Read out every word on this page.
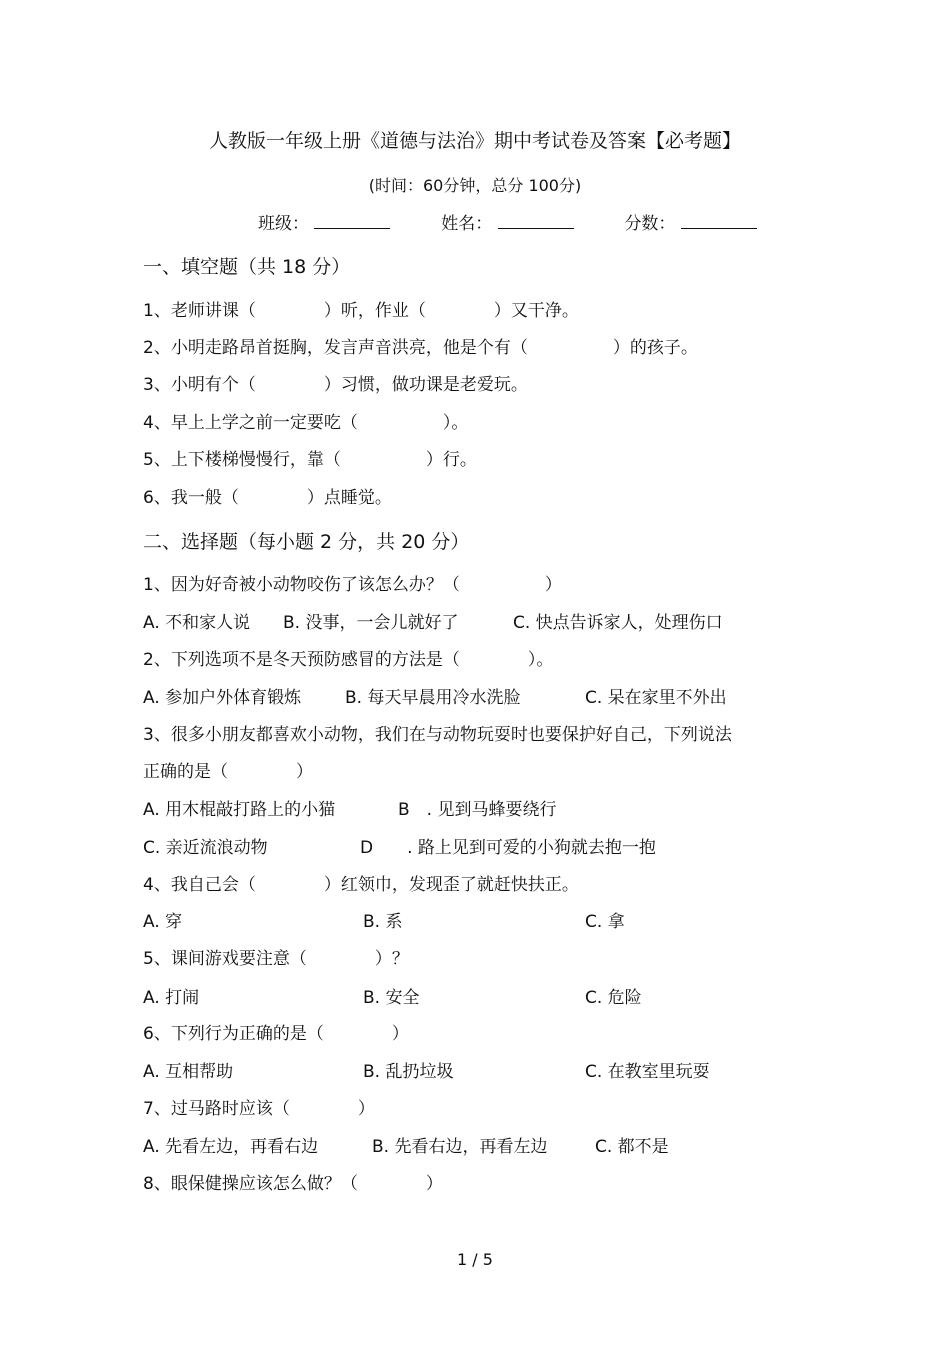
人教版一年级上册《道德与法治》期中考试卷及答案【必考题】
(时间：60分钟，总分 100分)
班级：	姓名：	分数：
一、填空题（共 18 分）
1、老师讲课（　　　　）听，作业（　　　　）又干净。
2、小明走路昂首挺胸，发言声音洪亮，他是个有（　　　　　）的孩子。
3、小明有个（　　　　）习惯，做功课是老爱玩。
4、早上上学之前一定要吃（　　　　　）。
5、上下楼梯慢慢行，靠（　　　　　）行。
6、我一般（　　　　）点睡觉。
二、选择题（每小题 2 分，共 20 分）
1、因为好奇被小动物咬伤了该怎么办？（　　　　　）
A. 不和家人说 B. 没事，一会儿就好了	C. 快点告诉家人，处理伤口
2、下列选项不是冬天预防感冒的方法是（　　　　）。
A. 参加户外体育锻炼	B. 每天早晨用冷水洗脸	C. 呆在家里不外出
3、很多小朋友都喜欢小动物，我们在与动物玩耍时也要保护好自己，下列说法
正确的是（　　　　）
A. 用木棍敲打路上的小猫	B　. 见到马蜂要绕行
C. 亲近流浪动物	D　　. 路上见到可爱的小狗就去抱一抱
4、我自己会（　　　　）红领巾，发现歪了就赶快扶正。
A. 穿	B. 系	C. 拿
5、课间游戏要注意（　　　　）？
A. 打闹	B. 安全	C. 危险
6、下列行为正确的是（　　　　）
A. 互相帮助	B. 乱扔垃圾	C. 在教室里玩耍
7、过马路时应该（　　　　）
A. 先看左边，再看右边	B. 先看右边，再看左边	C. 都不是
8、眼保健操应该怎么做？（　　　　）
1 / 5
